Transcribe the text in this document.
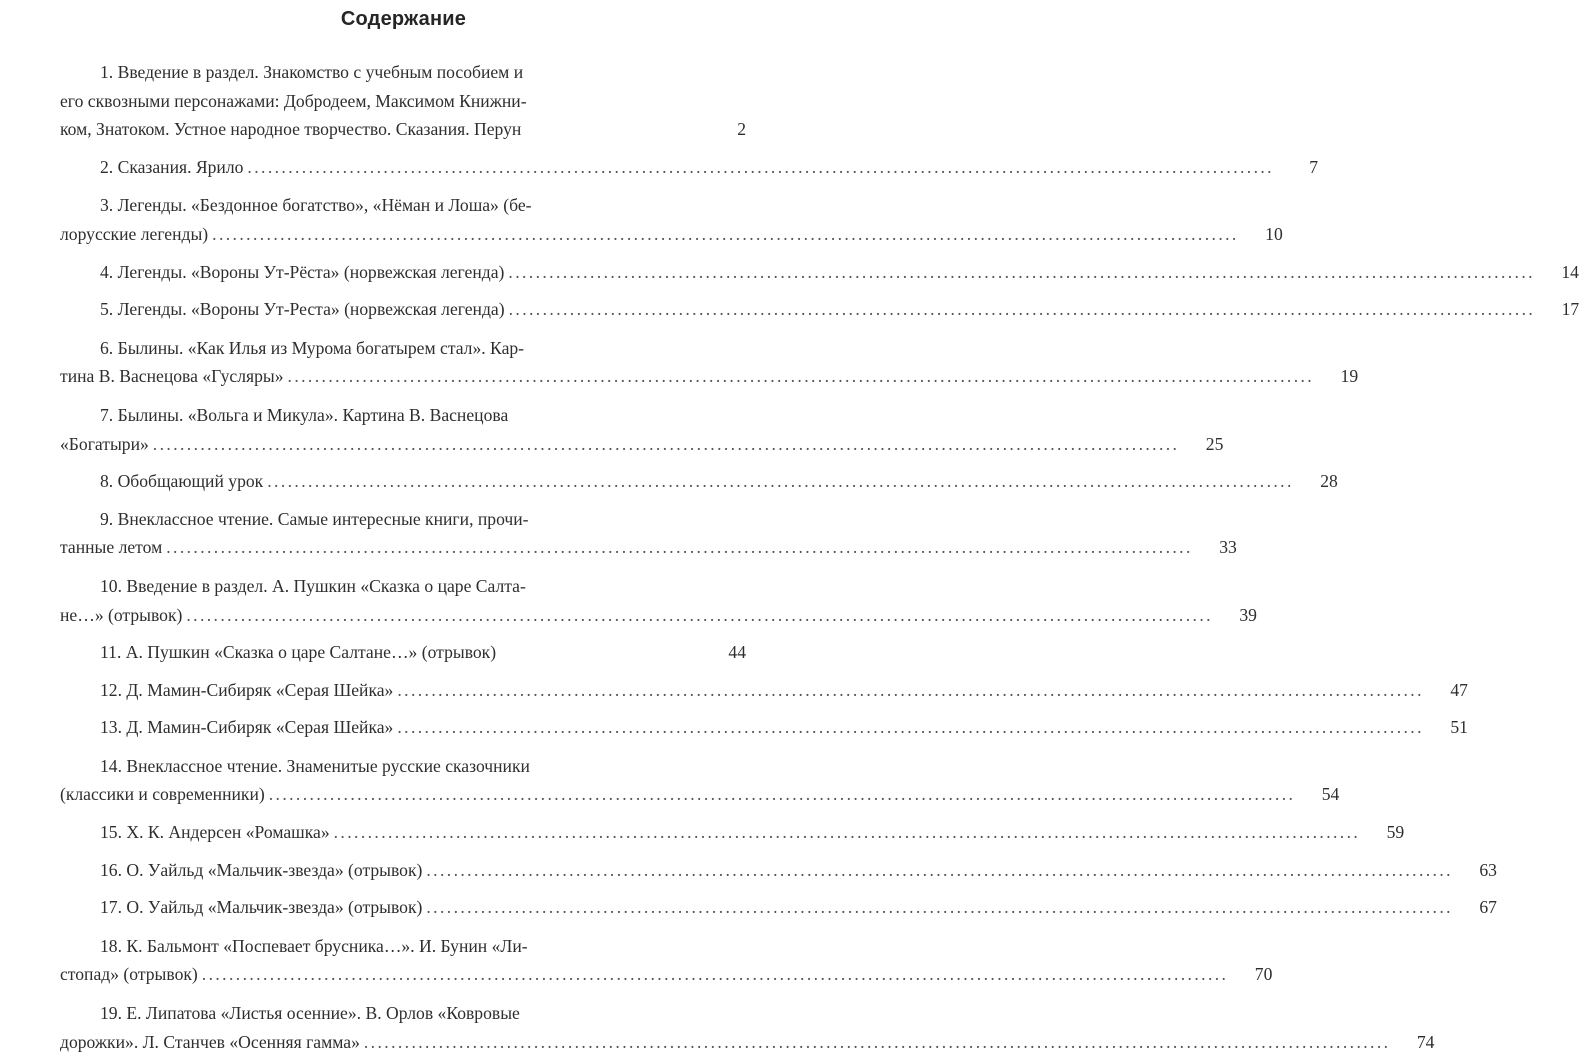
Содержание
1. Введение в раздел. Знакомство с учебным пособием и
его сквозными персонажами: Добродеем, Максимом Книжни-
ком, Знатоком. Устное народное творчество. Сказания. Перун	2
2. Сказания. Ярило .....	7
3. Легенды. «Бездонное богатство», «Нёман и Лоша» (бе-
лорусские легенды) .....	10
4. Легенды. «Вороны Ут-Рёста» (норвежская легенда) .....	14
5. Легенды. «Вороны Ут-Реста» (норвежская легенда) .....	17
6. Былины. «Как Илья из Мурома богатырем стал». Кар-
тина В. Васнецова «Гусляры» .....	19
7. Былины. «Вольга и Микула». Картина В. Васнецова
«Богатыри» .....	25
8. Обобщающий урок .....	28
9. Внеклассное чтение. Самые интересные книги, прочи-
танные летом .....	33
10. Введение в раздел. А. Пушкин «Сказка о царе Салта-
не…» (отрывок) .....	39
11. А. Пушкин «Сказка о царе Салтане…» (отрывок)	44
12. Д. Мамин-Сибиряк «Серая Шейка» .....	47
13. Д. Мамин-Сибиряк «Серая Шейка» .....	51
14. Внеклассное чтение. Знаменитые русские сказочники
(классики и современники) .....	54
15. Х. К. Андерсен «Ромашка» .....	59
16. О. Уайльд «Мальчик-звезда» (отрывок) .....	63
17. О. Уайльд «Мальчик-звезда» (отрывок) .....	67
18. К. Бальмонт «Поспевает брусника…». И. Бунин «Ли-
стопад» (отрывок) .....	70
19. Е. Липатова «Листья осенние». В. Орлов «Ковровые
дорожки». Л. Станчев «Осенняя гамма» .....	74
